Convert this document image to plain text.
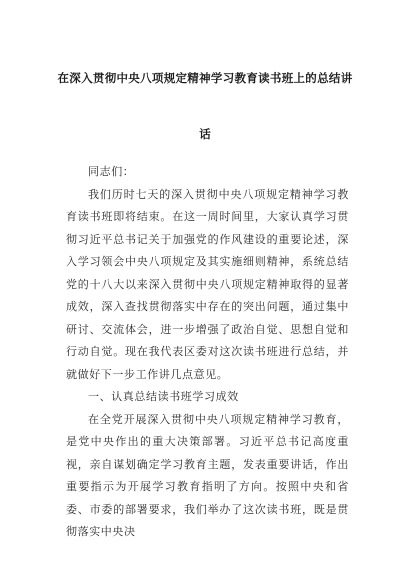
在深入贯彻中央八项规定精神学习教育读书班上的总结讲
话

同志们：

我们历时七天的深入贯彻中央八项规定精神学习教育读书班即将结束。在这一周时间里，大家认真学习贯彻习近平总书记关于加强党的作风建设的重要论述，深入学习领会中央八项规定及其实施细则精神，系统总结党的十八大以来深入贯彻中央八项规定精神取得的显著成效，深入查找贯彻落实中存在的突出问题，通过集中研讨、交流体会，进一步增强了政治自觉、思想自觉和行动自觉。现在我代表区委对这次读书班进行总结，并就做好下一步工作讲几点意见。

一、认真总结读书班学习成效

在全党开展深入贯彻中央八项规定精神学习教育，是党中央作出的重大决策部署。习近平总书记高度重视，亲自谋划确定学习教育主题，发表重要讲话，作出重要指示为开展学习教育指明了方向。按照中央和省委、市委的部署要求，我们举办了这次读书班，既是贯彻落实中央决
